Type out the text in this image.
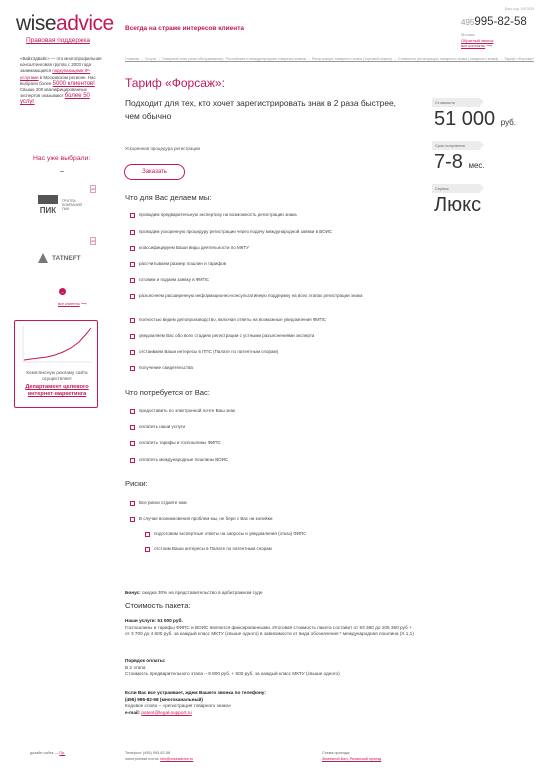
wiseadvice
Правовая поддержка
Всегда на страже интересов клиента
Ваш код: 1097829
495995-82-58
Москва
Обратный звонок
все контакты ⟶
«ВайзЭдвайс» — это многопрофильная консалтинговая группа с 2003 года занимающаяся подкупающими IP-услугами в Московском регионе. Нас выбрали более 5000 клиентов! Свыше 200 квалифицированных экспертов оказывают более 50 услуг
Нас уже выбрали:
ПИК
ГРУППА КОМПАНИЙ ПИК
pdf
TATNEFT
pdf
⌄
все клиенты ⟶
Комплексную рекламу сайта осуществляет
Департамент целевого интернет-маркетинга
Главная → Услуги → Товарный знак (знак обслуживания). Российская и международная товарная знаков → Регистрация товарного знака (торговой марки) → Стоимость регистрации товарного знака (товарного знака) → Тариф «Форсаж»
Тариф «Форсаж»:
Подходит для тех, кто хочет зарегистрировать знак в 2 раза быстрее, чем обычно
Ускоренная процедура регистрации
Заказать
Что для Вас делаем мы:
проводим предварительную экспертизу на возможность регистрации знака
проводим ускоренную процедуру регистрации через подачу международной заявки в ВОИС
классифицируем Ваши виды деятельности по МКТУ
рассчитываем размер пошлин и тарифов
готовим и подаем заявку в ФИПС
разъясняем расширенную информационно-консультативную поддержку на всех этапах регистрации знака
полностью ведем делопроизводство, включая ответы на возможные уведомления ФИПС
уведомляем Вас обо всех стадиях регистрации с устными разъяснениями эксперта
отстаиваем Ваши интересы в ППС (Палате по патентным спорам)
получение свидетельства
Что потребуется от Вас:
предоставить по электронной почте Ваш знак
оплатить наши услуги
оплатить тарифы и госпошлины ФИПС
оплатить международные пошлины ВОИС
Риски:
Все риски отдаете нам
В случае возникновения проблем мы, не беря с Вас ни копейки:
подготовим экспертные ответы на запросы и уведомления (отказ) ФИПС
отстоим Ваши интересы в Палате по патентным спорам
Бонус: скидка 30% на представительство в арбитражном суде
Стоимость пакета:
Наши услуги: 51 000 руб.
Госпошлины и тарифы ФИПС и ВОИС являются фиксированными. Итоговая стоимость пакета составит от 93 360 до 105 360 руб + от 3 700 до 4 600 руб. за каждый класс МКТУ (свыше одного) в зависимости от вида обозначения * международная пошлина (Х 1,1)
Порядок оплаты:
В 2 этапа
Стоимость предварительного этапа – 9 800 руб. + 500 руб. за каждый класс МКТУ (свыше одного)
Если Вас все устраивает, ждем Вашего звонка по телефону:
(495) 995-82-58 (многоканальный)
Кодовое слово – «регистрация товарного знака»
e-mail: patent@legal-support.ru
Стоимость
51 000 руб.
Срок получения
7-8 мес.
Сервис
Люкс
дизайн сайта — Пр.	Телефон: (495) 995-82-58
электронная почта: info@wiseadvice.ru
Схема прохода:
Земляной Вал, Рязанский проезд
